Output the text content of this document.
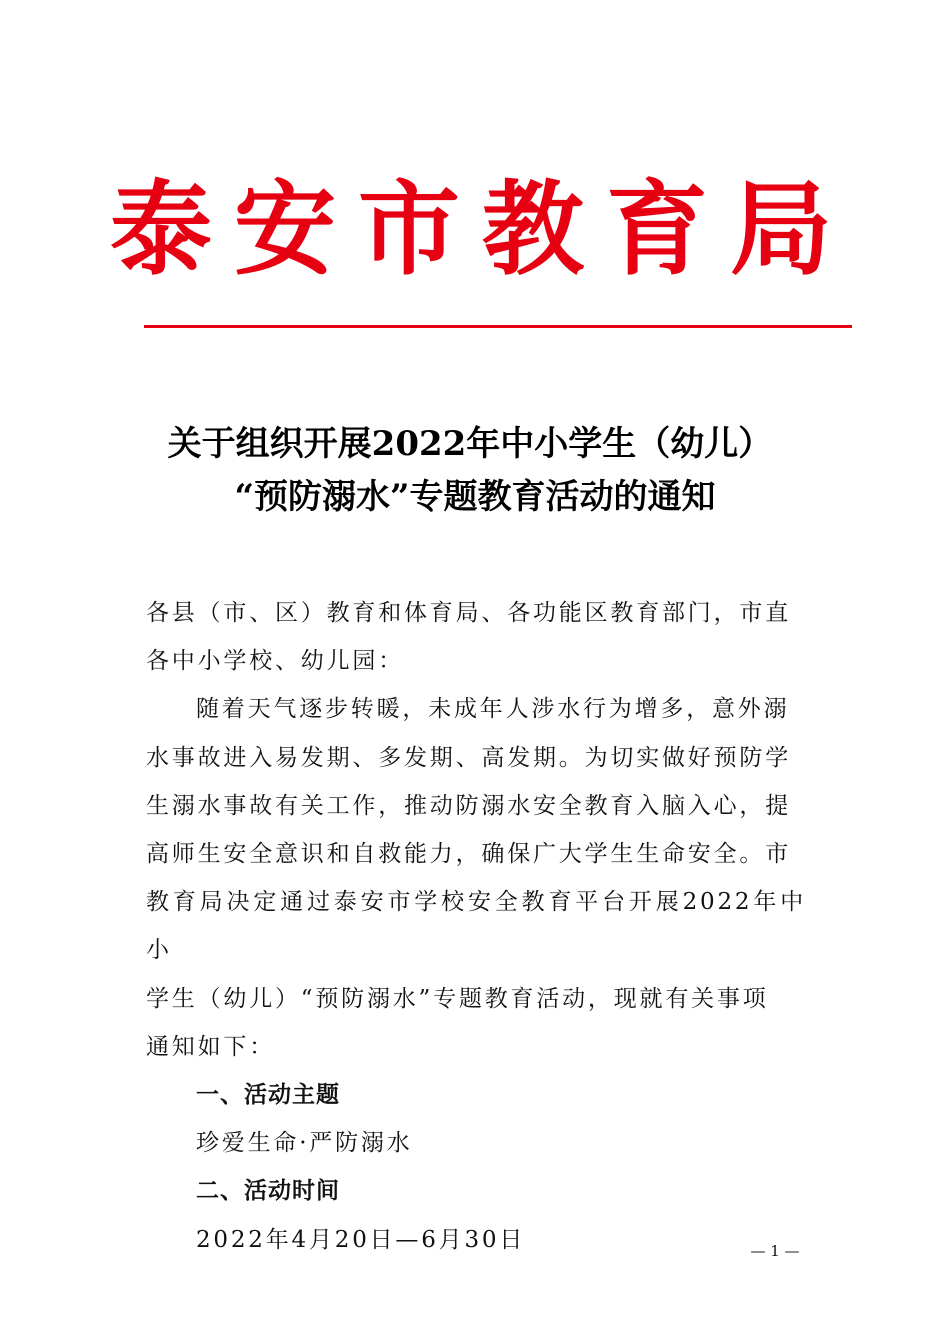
泰安市教育局
关于组织开展2022年中小学生（幼儿）
“预防溺水”专题教育活动的通知

各县（市、区）教育和体育局、各功能区教育部门，市直

各中小学校、幼儿园：

随着天气逐步转暖，未成年人涉水行为增多，意外溺

水事故进入易发期、多发期、高发期。为切实做好预防学

生溺水事故有关工作，推动防溺水安全教育入脑入心，提

高师生安全意识和自救能力，确保广大学生生命安全。市

教育局决定通过泰安市学校安全教育平台开展2022年中小

学生（幼儿）“预防溺水”专题教育活动，现就有关事项

通知如下：

一、活动主题

珍爱生命·严防溺水

二、活动时间

2022年4月20日—6月30日	— 1 —
